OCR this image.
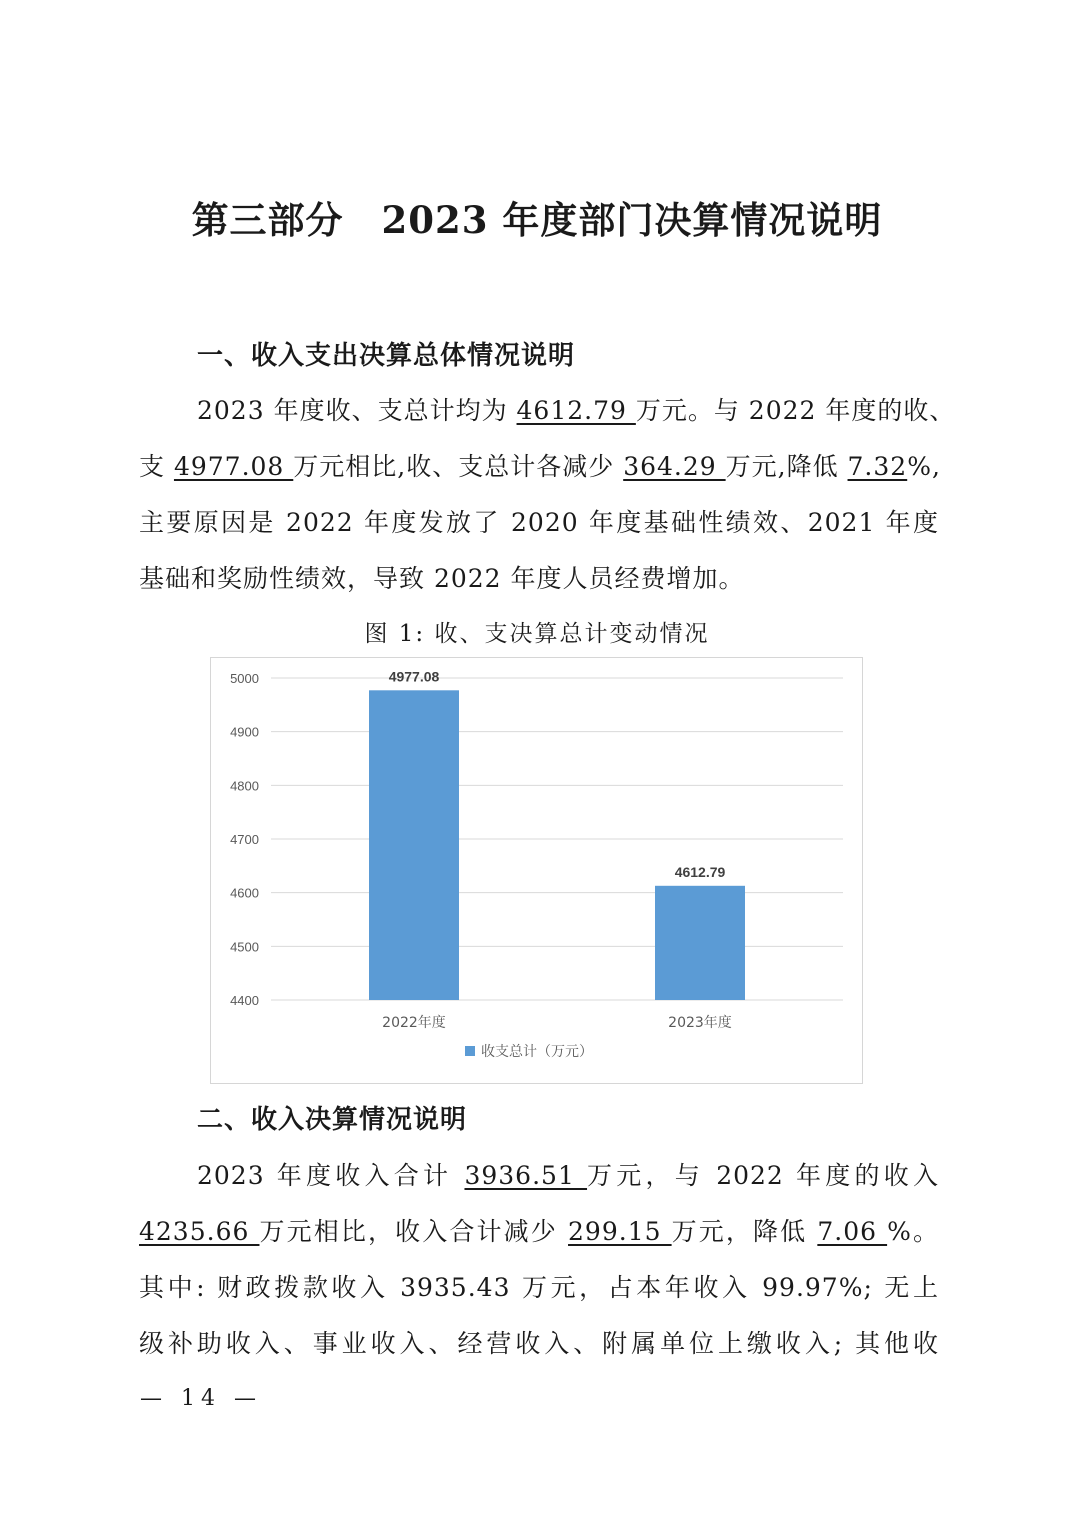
第三部分　2023 年度部门决算情况说明
一、收入支出决算总体情况说明
2023 年度收、支总计均为 4612.79 万元。与 2022 年度的收、
支 4977.08 万元相比,收、支总计各减少 364.29 万元,降低 7.32%,
主要原因是 2022 年度发放了 2020 年度基础性绩效、2021 年度
基础和奖励性绩效，导致 2022 年度人员经费增加。
图 1: 收、支决算总计变动情况
4400
4500
4600
4700
4800
4900
5000	4977.08
2022年度
4612.79
2023年度
收支总计（万元）
二、收入决算情况说明
2023 年度收入合计 3936.51 万元，与 2022 年度的收入
4235.66 万元相比，收入合计减少 299.15 万元，降低 7.06 %。
其中: 财政拨款收入 3935.43 万元，占本年收入 99.97%; 无上
级补助收入、事业收入、经营收入、附属单位上缴收入; 其他收
— 14 —
